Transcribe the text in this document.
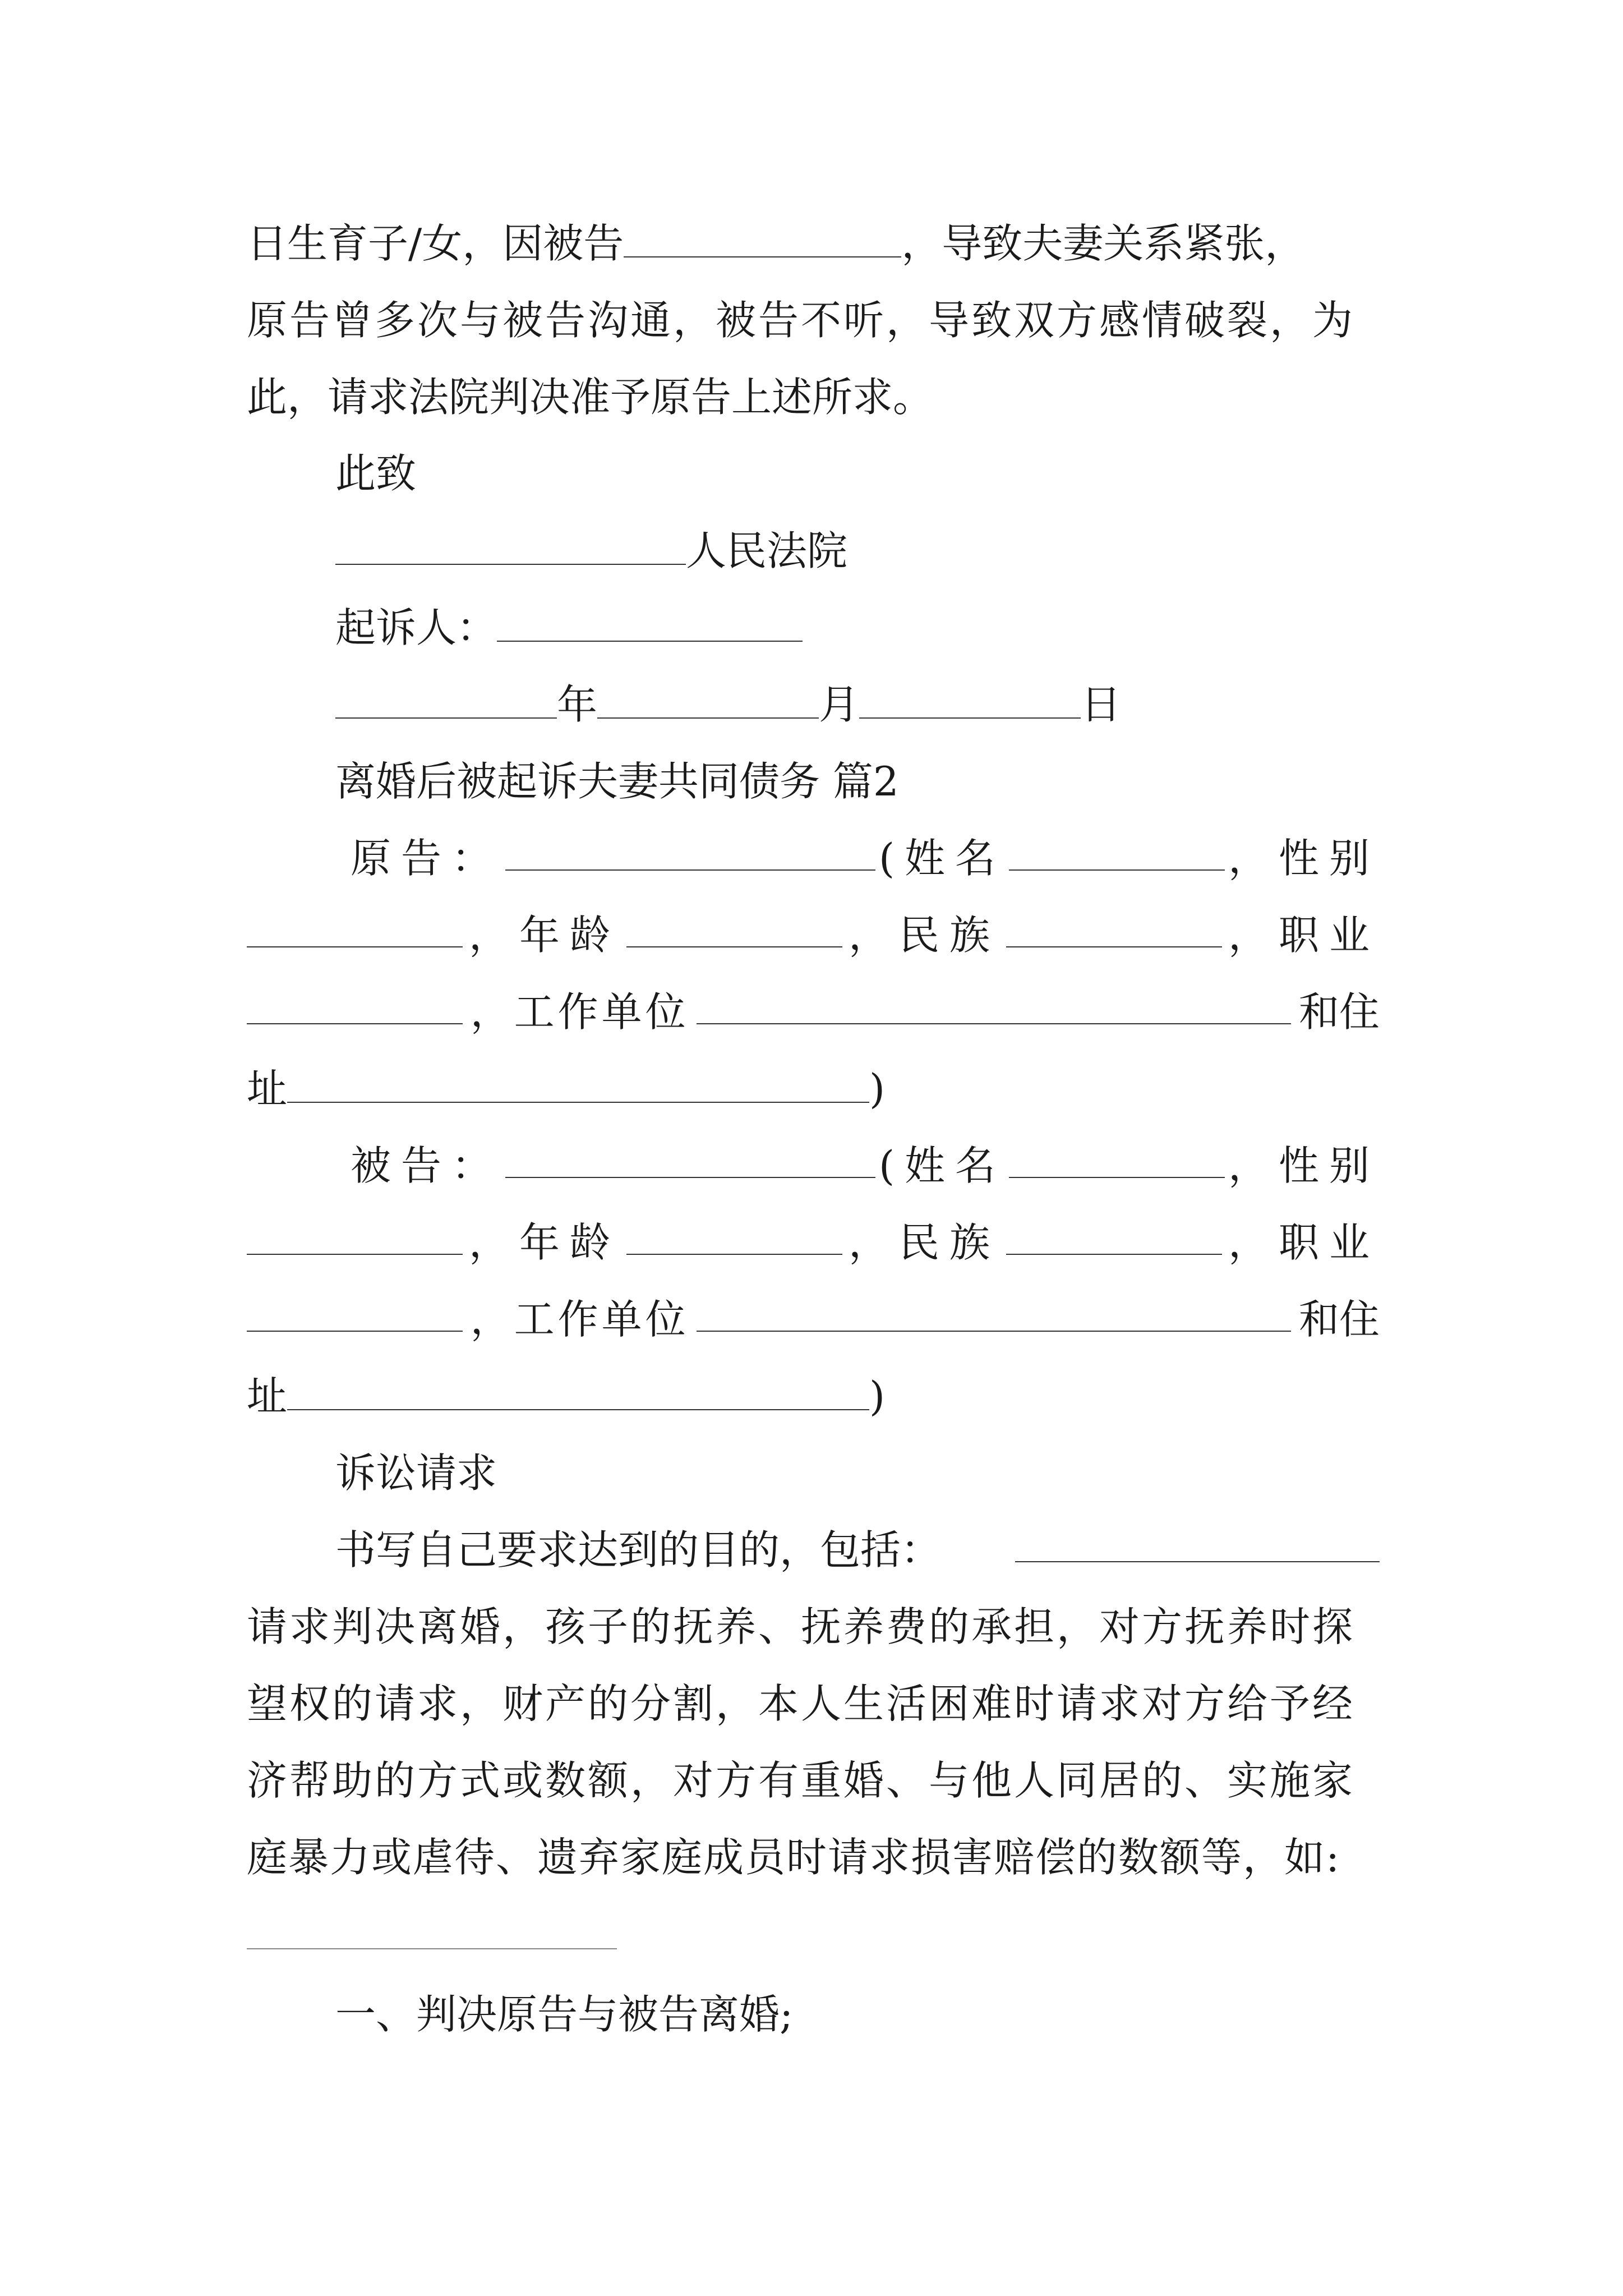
日生育子/女，因被告	，导致夫妻关系紧张，
原告曾多次与被告沟通，被告不听，导致双方感情破裂，为
此，请求法院判决准予原告上述所求。
此致
人民法院
起诉人：
年	月	日
离婚后被起诉夫妻共同债务 篇2
原告：	(姓名	，性别
，年龄	，民族	，职业
，工作单位	和住
址	)
被告：	(姓名	，性别
，年龄	，民族	，职业
，工作单位	和住
址	)
诉讼请求
书写自己要求达到的目的，包括：
请求判决离婚，孩子的抚养、抚养费的承担，对方抚养时探
望权的请求，财产的分割，本人生活困难时请求对方给予经
济帮助的方式或数额，对方有重婚、与他人同居的、实施家
庭暴力或虐待、遗弃家庭成员时请求损害赔偿的数额等，如:
一、判决原告与被告离婚;
